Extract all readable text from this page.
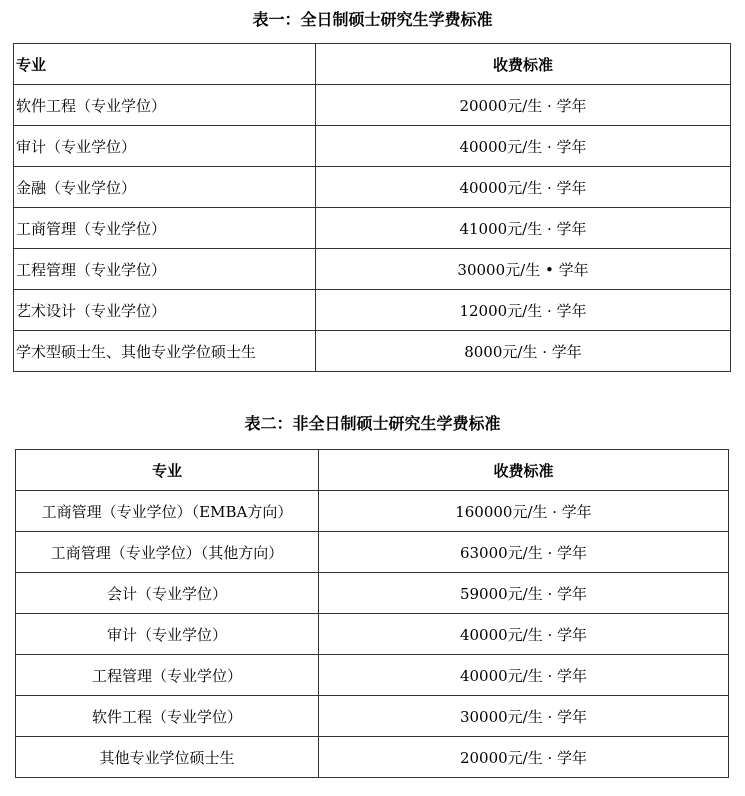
表一：全日制硕士研究生学费标准
专业	收费标准
软件工程（专业学位）	20000元/生 · 学年
审计（专业学位）	40000元/生 · 学年
金融（专业学位）	40000元/生 · 学年
工商管理（专业学位）	41000元/生 · 学年
工程管理（专业学位）	30000元/生 • 学年
艺术设计（专业学位）	12000元/生 · 学年
学术型硕士生、其他专业学位硕士生	8000元/生 · 学年
表二：非全日制硕士研究生学费标准
专业	收费标准
工商管理（专业学位）（EMBA方向）	160000元/生 · 学年
工商管理（专业学位）（其他方向）	63000元/生 · 学年
会计（专业学位）	59000元/生 · 学年
审计（专业学位）	40000元/生 · 学年
工程管理（专业学位）	40000元/生 · 学年
软件工程（专业学位）	30000元/生 · 学年
其他专业学位硕士生	20000元/生 · 学年
